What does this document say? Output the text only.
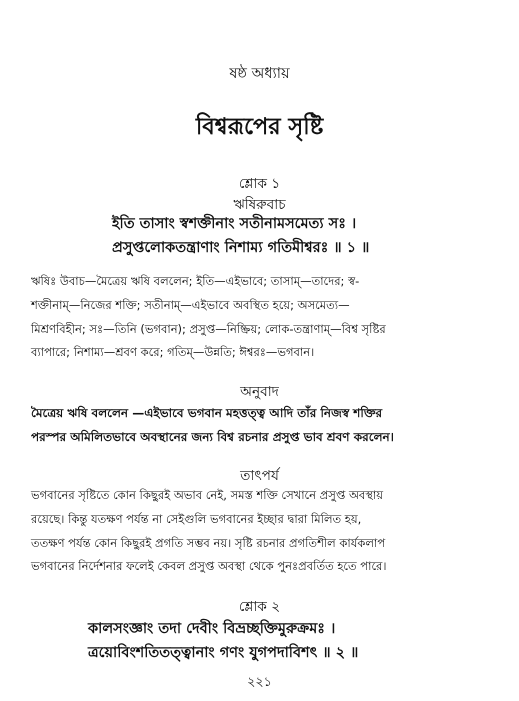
ষষ্ঠ অধ্যায়
বিশ্বরূপের সৃষ্টি
শ্লোক ১
ঋষিরুবাচ
ইতি তাসাং স্বশক্তীনাং সতীনামসমেত্য সঃ ।
প্রসুপ্তলোকতন্ত্রাণাং নিশাম্য গতিমীশ্বরঃ ॥ ১ ॥
ঋষিঃ উবাচ—মৈত্রেয় ঋষি বললেন; ইতি—এইভাবে; তাসাম্—তাদের; স্ব-
শক্তীনাম্—নিজের শক্তি; সতীনাম্—এইভাবে অবস্থিত হয়ে; অসমেত্য—
মিশ্রণবিহীন; সঃ—তিনি (ভগবান); প্রসুপ্ত—নিষ্ক্রিয়; লোক-তন্ত্রাণাম্—বিশ্ব সৃষ্টির
ব্যাপারে; নিশাম্য—শ্রবণ করে; গতিম্—উন্নতি; ঈশ্বরঃ—ভগবান।
অনুবাদ
মৈত্রেয় ঋষি বললেন —এইভাবে ভগবান মহত্তত্ত্ব আদি তাঁর নিজস্ব শক্তির
পরস্পর অমিলিতভাবে অবস্থানের জন্য বিশ্ব রচনার প্রসুপ্ত ভাব শ্রবণ করলেন।
তাৎপর্য
ভগবানের সৃষ্টিতে কোন কিছুরই অভাব নেই, সমস্ত শক্তি সেখানে প্রসুপ্ত অবস্থায়
রয়েছে। কিন্তু যতক্ষণ পর্যন্ত না সেইগুলি ভগবানের ইচ্ছার দ্বারা মিলিত হয়,
ততক্ষণ পর্যন্ত কোন কিছুরই প্রগতি সম্ভব নয়। সৃষ্টি রচনার প্রগতিশীল কার্যকলাপ
ভগবানের নির্দেশনার ফলেই কেবল প্রসুপ্ত অবস্থা থেকে পুনঃপ্রবর্তিত হতে পারে।
শ্লোক ২
কালসংজ্ঞাং তদা দেবীং বিভ্রচ্ছক্তিমুরুক্রমঃ ।
ত্রয়োবিংশতিতত্ত্বানাং গণং যুগপদাবিশৎ ॥ ২ ॥
২২১
